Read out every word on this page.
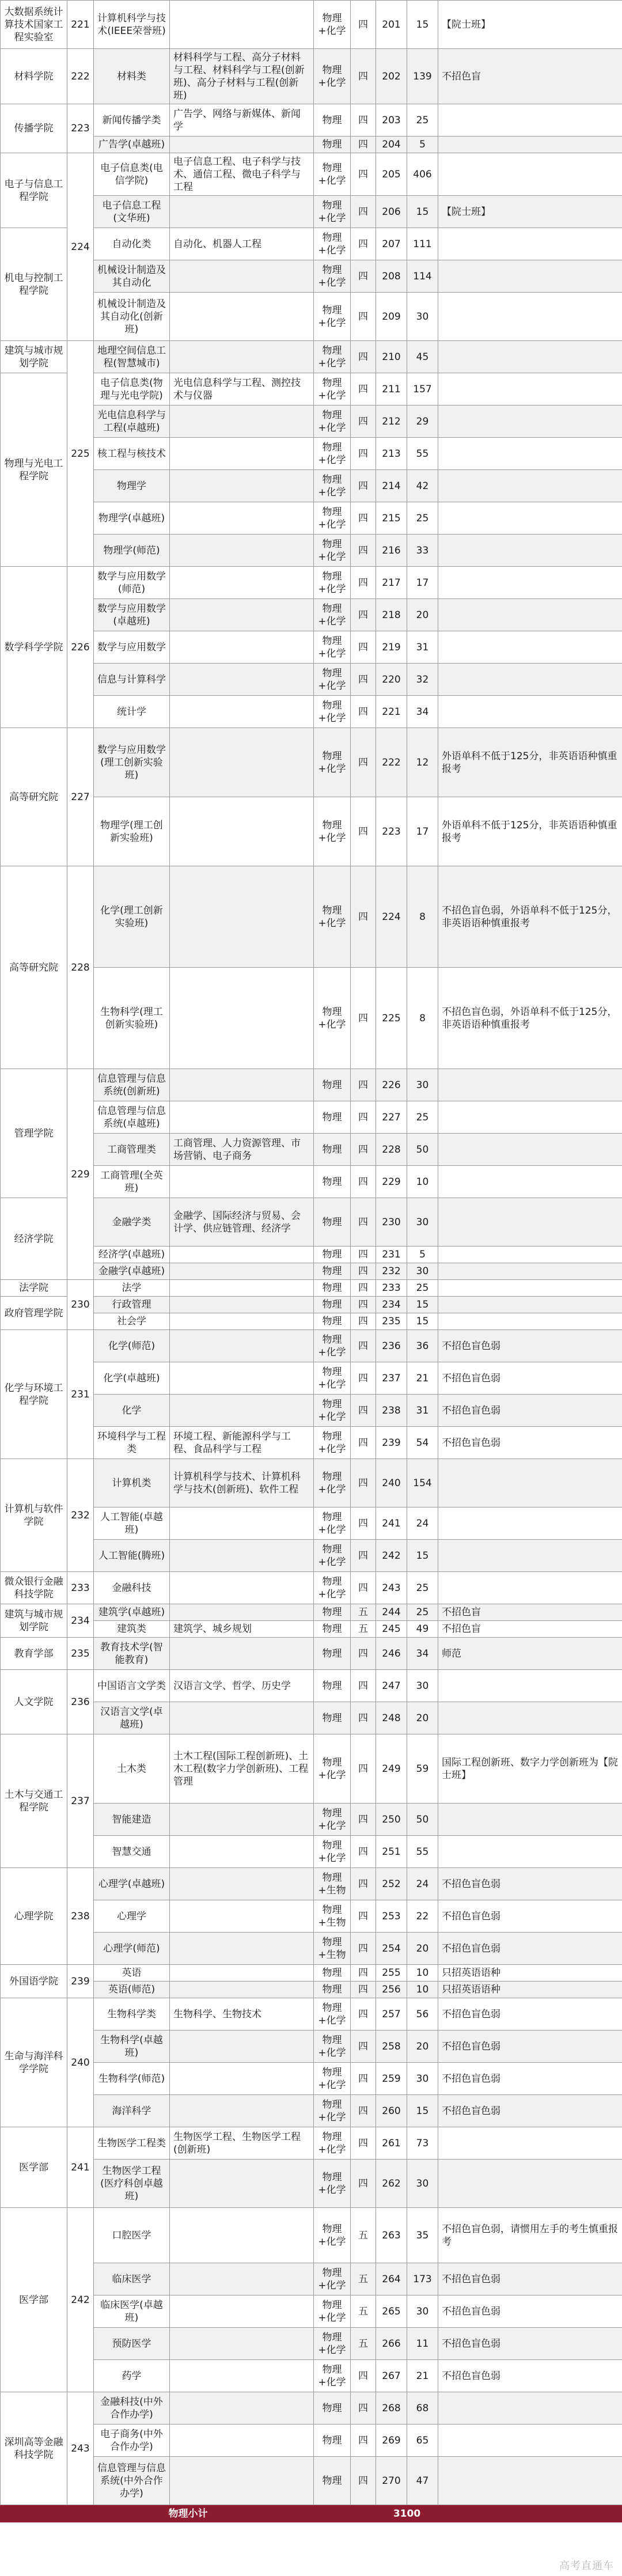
大数据系统计算技术国家工程实验室	221	计算机科学与技术(IEEE荣誉班)		物理+化学	四	201	15	【院士班】
材料学院	222	材料类	材料科学与工程、高分子材料与工程、材料科学与工程(创新班)、高分子材料与工程(创新班)	物理+化学	四	202	139	不招色盲
传播学院	223	新闻传播学类	广告学、网络与新媒体、新闻学	物理	四	203	25	
		广告学(卓越班)		物理	四	204	5	
电子与信息工程学院	224	电子信息类(电信学院)	电子信息工程、电子科学与技术、通信工程、微电子科学与工程	物理+化学	四	205	406	
		电子信息工程(文华班)		物理+化学	四	206	15	【院士班】
机电与控制工程学院		自动化类	自动化、机器人工程	物理+化学	四	207	111	
		机械设计制造及其自动化		物理+化学	四	208	114	
		机械设计制造及其自动化(创新班)		物理+化学	四	209	30	
建筑与城市规划学院	225	地理空间信息工程(智慧城市)		物理+化学	四	210	45	
物理与光电工程学院		电子信息类(物理与光电学院)	光电信息科学与工程、测控技术与仪器	物理+化学	四	211	157	
		光电信息科学与工程(卓越班)		物理+化学	四	212	29	
		核工程与核技术		物理+化学	四	213	55	
		物理学		物理+化学	四	214	42	
		物理学(卓越班)		物理+化学	四	215	25	
		物理学(师范)		物理+化学	四	216	33	
数学科学学院	226	数学与应用数学(师范)		物理+化学	四	217	17	
		数学与应用数学(卓越班)		物理+化学	四	218	20	
		数学与应用数学		物理+化学	四	219	31	
		信息与计算科学		物理+化学	四	220	32	
		统计学		物理+化学	四	221	34	
高等研究院	227	数学与应用数学(理工创新实验班)		物理+化学	四	222	12	外语单科不低于125分，非英语语种慎重报考
		物理学(理工创新实验班)		物理+化学	四	223	17	外语单科不低于125分，非英语语种慎重报考
高等研究院	228	化学(理工创新实验班)		物理+化学	四	224	8	不招色盲色弱，外语单科不低于125分，非英语语种慎重报考
		生物科学(理工创新实验班)		物理+化学	四	225	8	不招色盲色弱，外语单科不低于125分，非英语语种慎重报考
管理学院	229	信息管理与信息系统(创新班)		物理	四	226	30	
		信息管理与信息系统(卓越班)		物理	四	227	25	
		工商管理类	工商管理、人力资源管理、市场营销、电子商务	物理	四	228	50	
		工商管理(全英班)		物理	四	229	10	
经济学院		金融学类	金融学、国际经济与贸易、会计学、供应链管理、经济学	物理	四	230	30	
		经济学(卓越班)		物理	四	231	5	
		金融学(卓越班)		物理	四	232	30	
法学院	230	法学		物理	四	233	25	
政府管理学院		行政管理		物理	四	234	15	
		社会学		物理	四	235	15	
化学与环境工程学院	231	化学(师范)		物理+化学	四	236	36	不招色盲色弱
		化学(卓越班)		物理+化学	四	237	21	不招色盲色弱
		化学		物理+化学	四	238	31	不招色盲色弱
		环境科学与工程类	环境工程、新能源科学与工程、食品科学与工程	物理+化学	四	239	54	不招色盲色弱
计算机与软件学院	232	计算机类	计算机科学与技术、计算机科学与技术(创新班)、软件工程	物理+化学	四	240	154	
		人工智能(卓越班)		物理+化学	四	241	24	
		人工智能(腾班)		物理+化学	四	242	15	
微众银行金融科技学院	233	金融科技		物理+化学	四	243	25	
建筑与城市规划学院	234	建筑学(卓越班)		物理	五	244	25	不招色盲
		建筑类	建筑学、城乡规划	物理	五	245	49	不招色盲
教育学部	235	教育技术学(智能教育)		物理	四	246	34	师范
人文学院	236	中国语言文学类	汉语言文学、哲学、历史学	物理	四	247	30	
		汉语言文学(卓越班)		物理	四	248	20	
土木与交通工程学院	237	土木类	土木工程(国际工程创新班)、土木工程(数字力学创新班)、工程管理	物理+化学	四	249	59	国际工程创新班、数字力学创新班为【院士班】
		智能建造		物理+化学	四	250	50	
		智慧交通		物理+化学	四	251	55	
心理学院	238	心理学(卓越班)		物理+生物	四	252	24	不招色盲色弱
		心理学		物理+生物	四	253	22	不招色盲色弱
		心理学(师范)		物理+生物	四	254	20	不招色盲色弱
外国语学院	239	英语		物理	四	255	10	只招英语语种
		英语(师范)		物理	四	256	10	只招英语语种
生命与海洋科学学院	240	生物科学类	生物科学、生物技术	物理+化学	四	257	56	不招色盲色弱
		生物科学(卓越班)		物理+化学	四	258	20	不招色盲色弱
		生物科学(师范)		物理+化学	四	259	30	不招色盲色弱
		海洋科学		物理+化学	四	260	15	不招色盲色弱
医学部	241	生物医学工程类	生物医学工程、生物医学工程(创新班)	物理+化学	四	261	73	
		生物医学工程(医疗科创卓越班)		物理+化学	四	262	30	
医学部	242	口腔医学		物理+化学	五	263	35	不招色盲色弱，请惯用左手的考生慎重报考
		临床医学		物理+化学	五	264	173	不招色盲色弱
		临床医学(卓越班)		物理+化学	五	265	30	不招色盲色弱
		预防医学		物理+化学	五	266	11	不招色盲色弱
		药学		物理+化学	四	267	21	不招色盲色弱
深圳高等金融科技学院	243	金融科技(中外合作办学)		物理	四	268	68	
		电子商务(中外合作办学)		物理	四	269	65	
		信息管理与信息系统(中外合作办学)		物理	四	270	47	
物理小计						3100		
高考直通车
